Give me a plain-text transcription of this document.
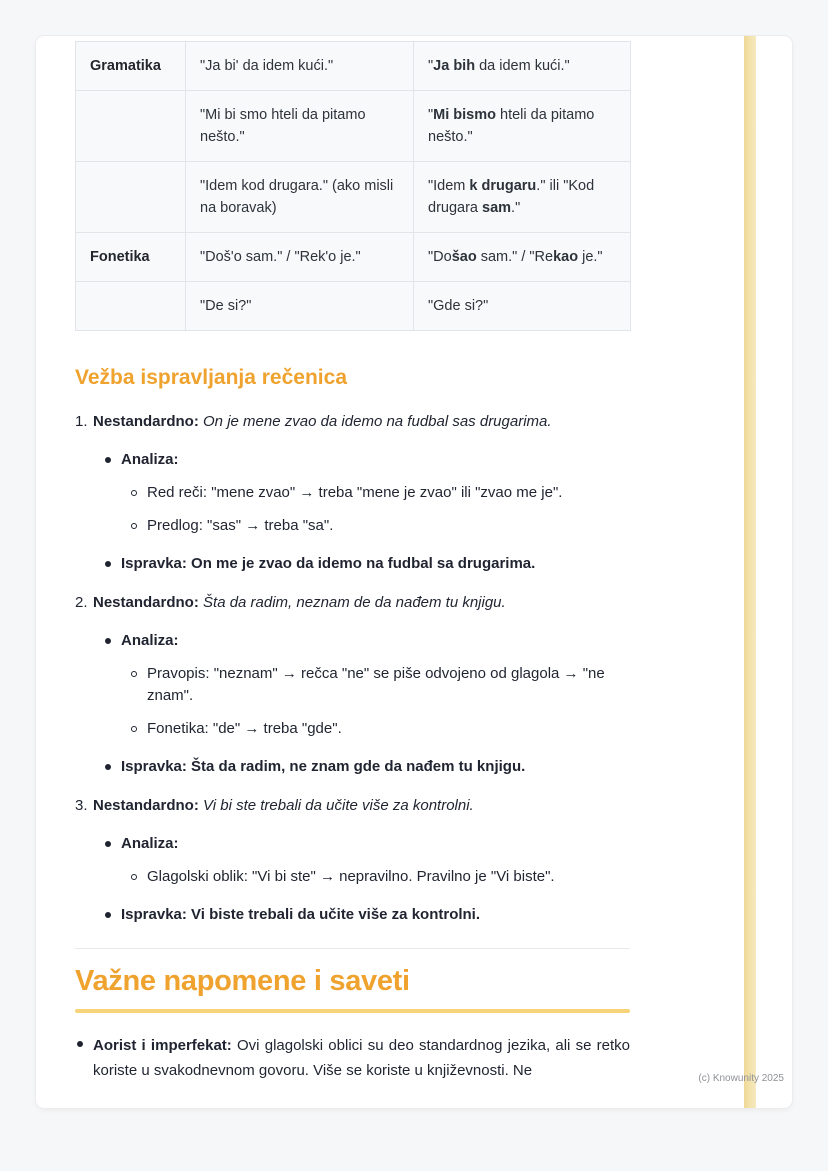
Gramatika	"Ja bi' da idem kući."	"Ja bih da idem kući."
	"Mi bi smo hteli da pitamo nešto."	"Mi bismo hteli da pitamo nešto."
	"Idem kod drugara." (ako misli na boravak)	"Idem k drugaru." ili "Kod drugara sam."
Fonetika	"Doš'o sam." / "Rek'o je."	"Došao sam." / "Rekao je."
	"De si?"	"Gde si?"
Vežba ispravljanja rečenica
1. Nestandardno: On je mene zvao da idemo na fudbal sas drugarima.
Analiza:
Red reči: "mene zvao" → treba "mene je zvao" ili "zvao me je".
Predlog: "sas" → treba "sa".
Ispravka: On me je zvao da idemo na fudbal sa drugarima.
2. Nestandardno: Šta da radim, neznam de da nađem tu knjigu.
Analiza:
Pravopis: "neznam" → rečca "ne" se piše odvojeno od glagola → "ne znam".
Fonetika: "de" → treba "gde".
Ispravka: Šta da radim, ne znam gde da nađem tu knjigu.
3. Nestandardno: Vi bi ste trebali da učite više za kontrolni.
Analiza:
Glagolski oblik: "Vi bi ste" → nepravilno. Pravilno je "Vi biste".
Ispravka: Vi biste trebali da učite više za kontrolni.
Važne napomene i saveti
Aorist i imperfekat: Ovi glagolski oblici su deo standardnog jezika, ali se retko koriste u svakodnevnom govoru. Više se koriste u književnosti. Ne	(c) Knowunity 2025
